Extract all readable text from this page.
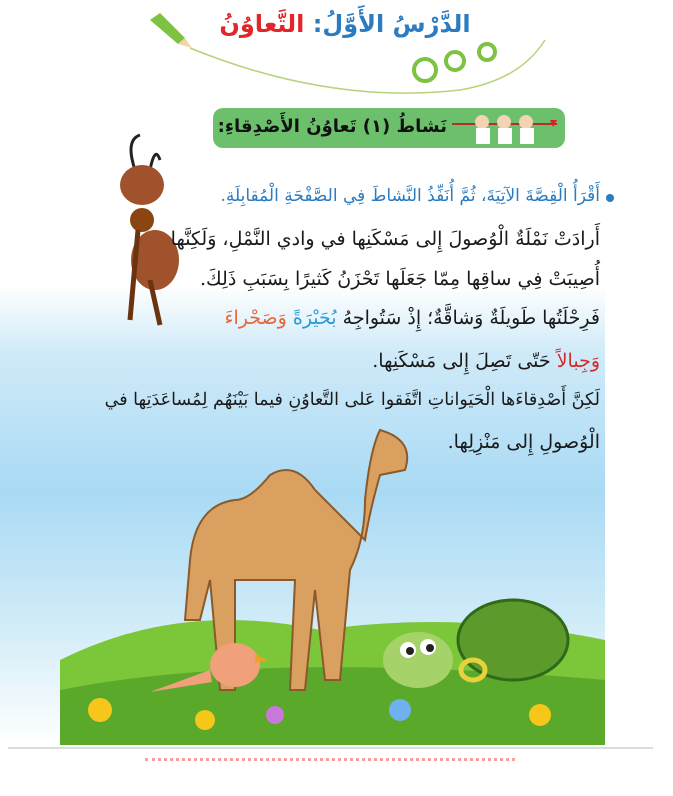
الدَّرْسُ الأَوَّلُ: التَّعاوُنُ
نَشاطُ (١) تَعاوُنُ الأَصْدِقاءِ:
أَقْرَأُ الْقِصَّةَ الآتِيَةَ، ثُمَّ أُنَفِّذُ النَّشاطَ فِي الصَّفْحَةِ الْمُقابِلَةِ.
أَرادَتْ نَمْلَةٌ الْوُصولَ إِلى مَسْكَنِها في وادي النَّمْلِ، وَلَكِنَّها
أُصِيبَتْ فِي ساقِها مِمّا جَعَلَها تَحْزَنُ كَثيرًا بِسَبَبِ ذَلِكَ.
فَرِحْلَتُها طَويلَةٌ وَشاقَّةٌ؛ إِذْ سَتُواجِهُ بُحَيْرَةً وَصَحْراءَ
وَجِبالاً حَتّى تَصِلَ إِلى مَسْكَنِها.
لَكِنَّ أَصْدِقاءَها الْحَيَواناتِ اتَّفَقوا عَلى التَّعاوُنِ فيما بَيْنَهُم لِمُساعَدَتِها في
الْوُصولِ إِلى مَنْزِلِها.
